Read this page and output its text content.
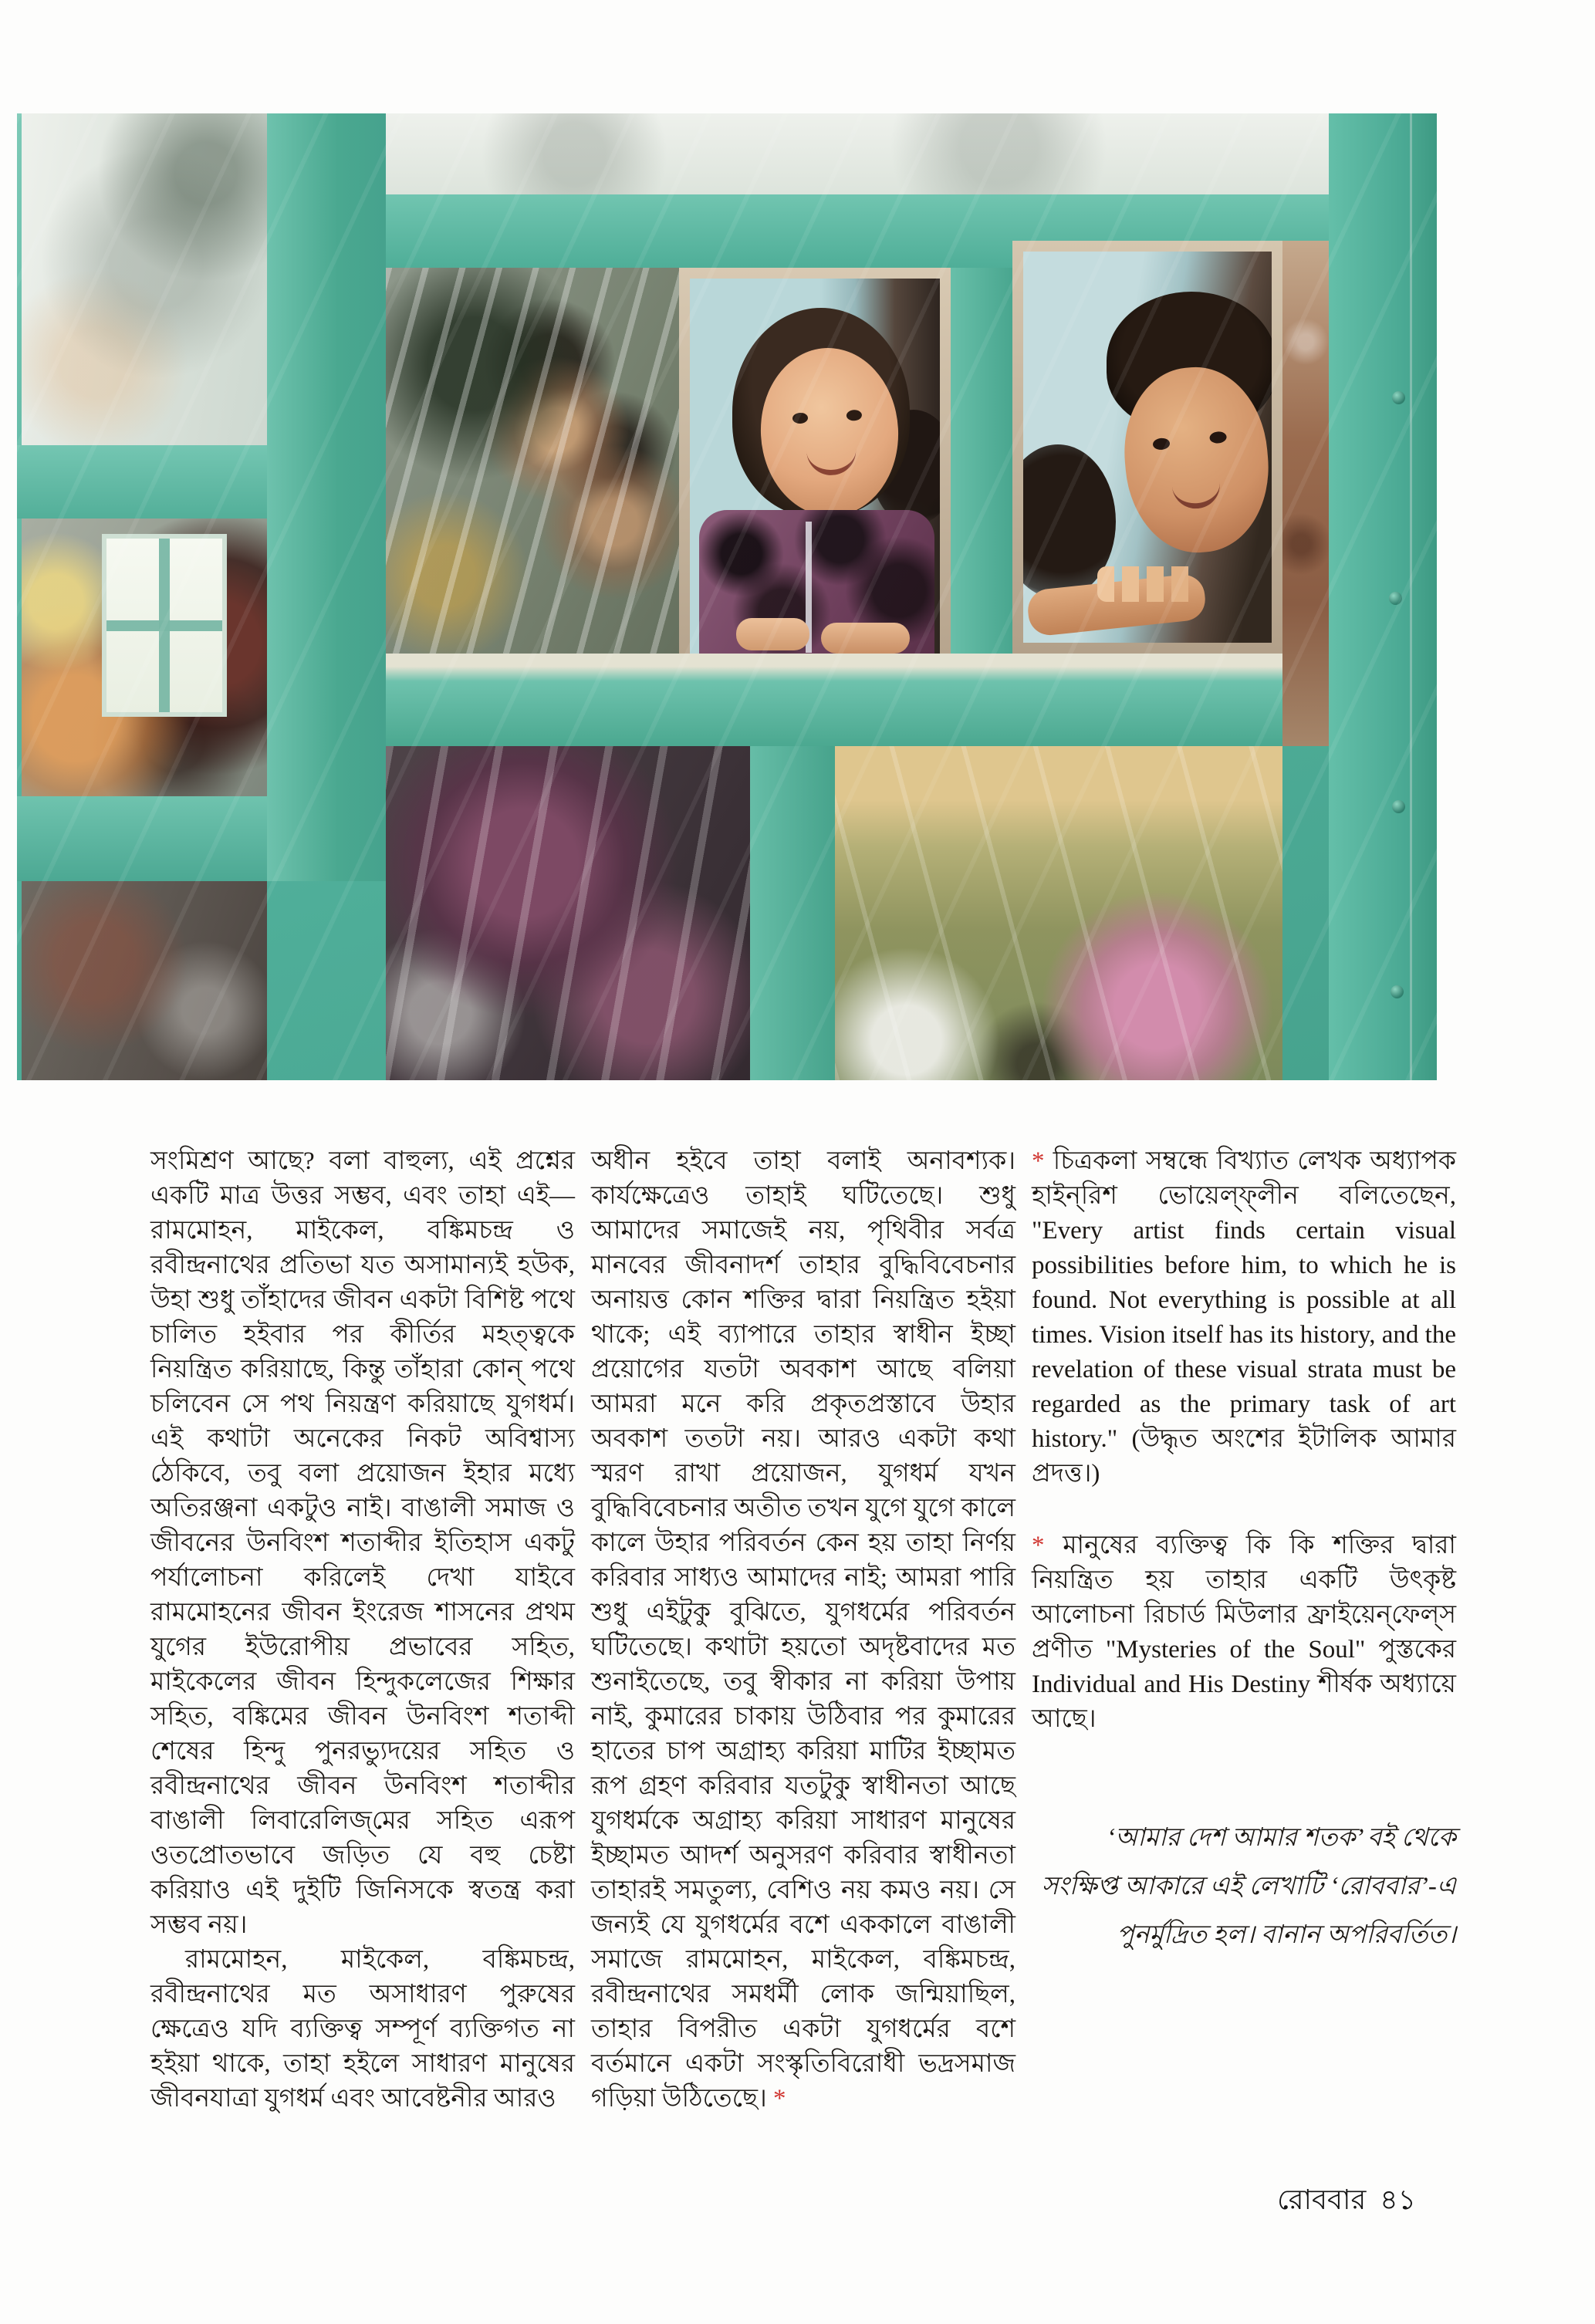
সংমিশ্রণ আছে? বলা বাহুল্য, এই প্রশ্নের একটি মাত্র উত্তর সম্ভব, এবং তাহা এই— রামমোহন, মাইকেল, বঙ্কিমচন্দ্র ও রবীন্দ্রনাথের প্রতিভা যত অসামান্যই হউক, উহা শুধু তাঁহাদের জীবন একটা বিশিষ্ট পথে চালিত হইবার পর কীর্তির মহত্ত্বকে নিয়ন্ত্রিত করিয়াছে, কিন্তু তাঁহারা কোন্ পথে চলিবেন সে পথ নিয়ন্ত্রণ করিয়াছে যুগধর্ম। এই কথাটা অনেকের নিকট অবিশ্বাস্য ঠেকিবে, তবু বলা প্রয়োজন ইহার মধ্যে অতিরঞ্জনা একটুও নাই। বাঙালী সমাজ ও জীবনের উনবিংশ শতাব্দীর ইতিহাস একটু পর্যালোচনা করিলেই দেখা যাইবে রামমোহনের জীবন ইংরেজ শাসনের প্রথম যুগের ইউরোপীয় প্রভাবের সহিত, মাইকেলের জীবন হিন্দুকলেজের শিক্ষার সহিত, বঙ্কিমের জীবন উনবিংশ শতাব্দী শেষের হিন্দু পুনরভ্যুদয়ের সহিত ও রবীন্দ্রনাথের জীবন উনবিংশ শতাব্দীর বাঙালী লিবারেলিজ্‌মের সহিত এরূপ ওতপ্রোতভাবে জড়িত যে বহু চেষ্টা করিয়াও এই দুইটি জিনিসকে স্বতন্ত্র করা সম্ভব নয়।

রামমোহন, মাইকেল, বঙ্কিমচন্দ্র, রবীন্দ্রনাথের মত অসাধারণ পুরুষের ক্ষেত্রেও যদি ব্যক্তিত্ব সম্পূর্ণ ব্যক্তিগত না হইয়া থাকে, তাহা হইলে সাধারণ মানুষের জীবনযাত্রা যুগধর্ম এবং আবেষ্টনীর আরও

অধীন হইবে তাহা বলাই অনাবশ্যক। কার্যক্ষেত্রেও তাহাই ঘটিতেছে। শুধু আমাদের সমাজেই নয়, পৃথিবীর সর্বত্র মানবের জীবনাদর্শ তাহার বুদ্ধিবিবেচনার অনায়ত্ত কোন শক্তির দ্বারা নিয়ন্ত্রিত হইয়া থাকে; এই ব্যাপারে তাহার স্বাধীন ইচ্ছা প্রয়োগের যতটা অবকাশ আছে বলিয়া আমরা মনে করি প্রকৃতপ্রস্তাবে উহার অবকাশ ততটা নয়। আরও একটা কথা স্মরণ রাখা প্রয়োজন, যুগধর্ম যখন বুদ্ধিবিবেচনার অতীত তখন যুগে যুগে কালে কালে উহার পরিবর্তন কেন হয় তাহা নির্ণয় করিবার সাধ্যও আমাদের নাই; আমরা পারি শুধু এইটুকু বুঝিতে, যুগধর্মের পরিবর্তন ঘটিতেছে। কথাটা হয়তো অদৃষ্টবাদের মত শুনাইতেছে, তবু স্বীকার না করিয়া উপায় নাই, কুমারের চাকায় উঠিবার পর কুমারের হাতের চাপ অগ্রাহ্য করিয়া মাটির ইচ্ছামত রূপ গ্রহণ করিবার যতটুকু স্বাধীনতা আছে যুগধর্মকে অগ্রাহ্য করিয়া সাধারণ মানুষের ইচ্ছামত আদর্শ অনুসরণ করিবার স্বাধীনতা তাহারই সমতুল্য, বেশিও নয় কমও নয়। সে জন্যই যে যুগধর্মের বশে এককালে বাঙালী সমাজে রামমোহন, মাইকেল, বঙ্কিমচন্দ্র, রবীন্দ্রনাথের সমধর্মী লোক জন্মিয়াছিল, তাহার বিপরীত একটা যুগধর্মের বশে বর্তমানে একটা সংস্কৃতিবিরোধী ভদ্রসমাজ গড়িয়া উঠিতেছে। *

* চিত্রকলা সম্বন্ধে বিখ্যাত লেখক অধ্যাপক হাইন্‌রিশ ভোয়েল্‌ফ্‌লীন বলিতেছেন, "Every artist finds certain visual possibilities before him, to which he is found. Not everything is possible at all times. Vision itself has its history, and the revelation of these visual strata must be regarded as the primary task of art history." (উদ্ধৃত অংশের ইটালিক আমার প্রদত্ত।)

* মানুষের ব্যক্তিত্ব কি কি শক্তির দ্বারা নিয়ন্ত্রিত হয় তাহার একটি উৎকৃষ্ট আলোচনা রিচার্ড মিউলার ফ্রাইয়েন্‌ফেল্‌স প্রণীত "Mysteries of the Soul" পুস্তকের Individual and His Destiny শীর্ষক অধ্যায়ে আছে।

‘আমার দেশ আমার শতক’ বই থেকে সংক্ষিপ্ত আকারে এই লেখাটি ‘রোববার’-এ পুনর্মুদ্রিত হল। বানান অপরিবর্তিত।

রোববার ৪১
